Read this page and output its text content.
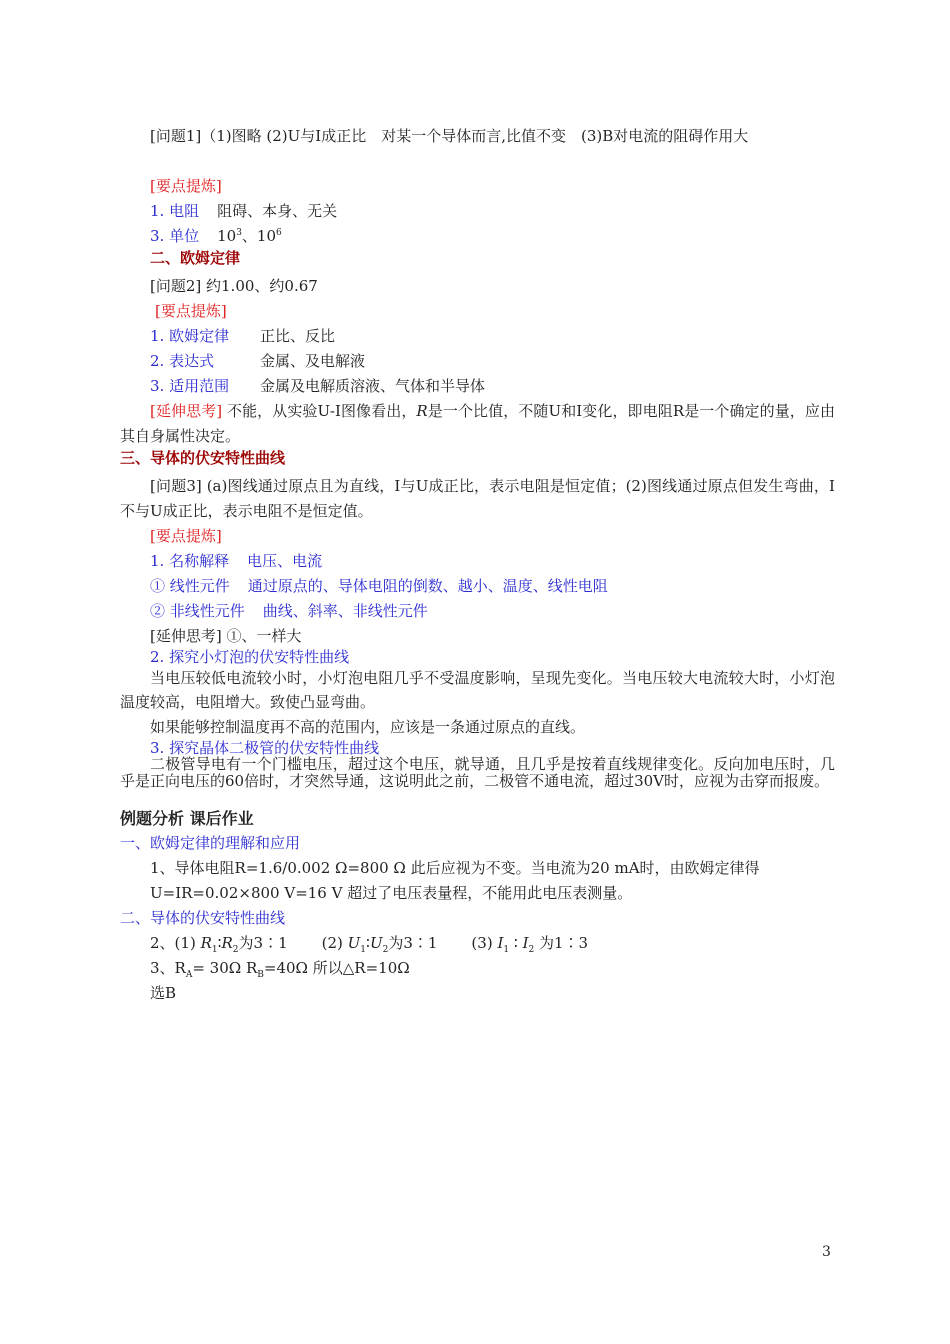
[问题1]（1)图略 (2)U与I成正比　对某一个导体而言,比值不变　(3)B对电流的阻碍作用大
[要点提炼]
1. 电阻 阻碍、本身、无关
3. 单位 $10^3$、$10^6$
二、欧姆定律
[问题2] 约1.00、约0.67
[要点提炼]
1. 欧姆定律 正比、反比
2. 表达式	金属、及电解液
3. 适用范围 金属及电解质溶液、气体和半导体
[延伸思考] 不能，从实验U-I图像看出，R是一个比值，不随U和I变化，即电阻R是一个确定的量，应由其自身属性决定。
三、导体的伏安特性曲线
[问题3] (a)图线通过原点且为直线，I与U成正比，表示电阻是恒定值；(2)图线通过原点但发生弯曲，I不与U成正比，表示电阻不是恒定值。
[要点提炼]
1. 名称解释 电压、电流
① 线性元件 通过原点的、导体电阻的倒数、越小、温度、线性电阻
② 非线性元件 曲线、斜率、非线性元件
[延伸思考] ①、一样大
2. 探究小灯泡的伏安特性曲线
当电压较低电流较小时，小灯泡电阻几乎不受温度影响，呈现先变化。当电压较大电流较大时，小灯泡温度较高，电阻增大。致使凸显弯曲。
如果能够控制温度再不高的范围内，应该是一条通过原点的直线。
3. 探究晶体二极管的伏安特性曲线
二极管导电有一个门槛电压，超过这个电压，就导通，且几乎是按着直线规律变化。反向加电压时，几乎是正向电压的60倍时，才突然导通，这说明此之前，二极管不通电流，超过30V时，应视为击穿而报废。
例题分析 课后作业
一、欧姆定律的理解和应用
1、导体电阻R=1.6/0.002 Ω=800 Ω 此后应视为不变。当电流为20 mA时，由欧姆定律得
U=IR=0.02×800 V=16 V 超过了电压表量程，不能用此电压表测量。
二、导体的伏安特性曲线
2、(1) $R_1∶R_2$为3∶1 (2) $U_1∶U_2$为3∶1 (3) $I_1$ ∶ $I_2$ 为1∶3
3、$R_A= 30\Omega$ $R_B=40\Omega$ 所以△R=10Ω
选B
3
